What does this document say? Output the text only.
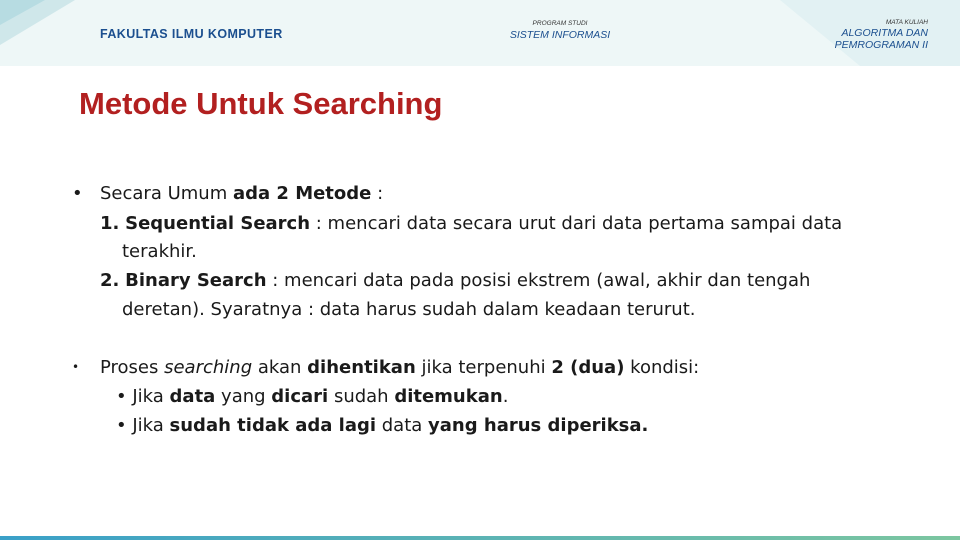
FAKULTAS ILMU KOMPUTER
PROGRAM STUDI
SISTEM INFORMASI
MATA KULIAH
ALGORITMA DAN
PEMROGRAMAN II
Metode Untuk Searching
• Secara Umum ada 2 Metode :
1. Sequential Search : mencari data secara urut dari data pertama sampai data
terakhir.
2. Binary Search : mencari data pada posisi ekstrem (awal, akhir dan tengah
deretan). Syaratnya : data harus sudah dalam keadaan terurut.
• Proses searching akan dihentikan jika terpenuhi 2 (dua) kondisi:
• Jika data yang dicari sudah ditemukan.
• Jika sudah tidak ada lagi data yang harus diperiksa.
